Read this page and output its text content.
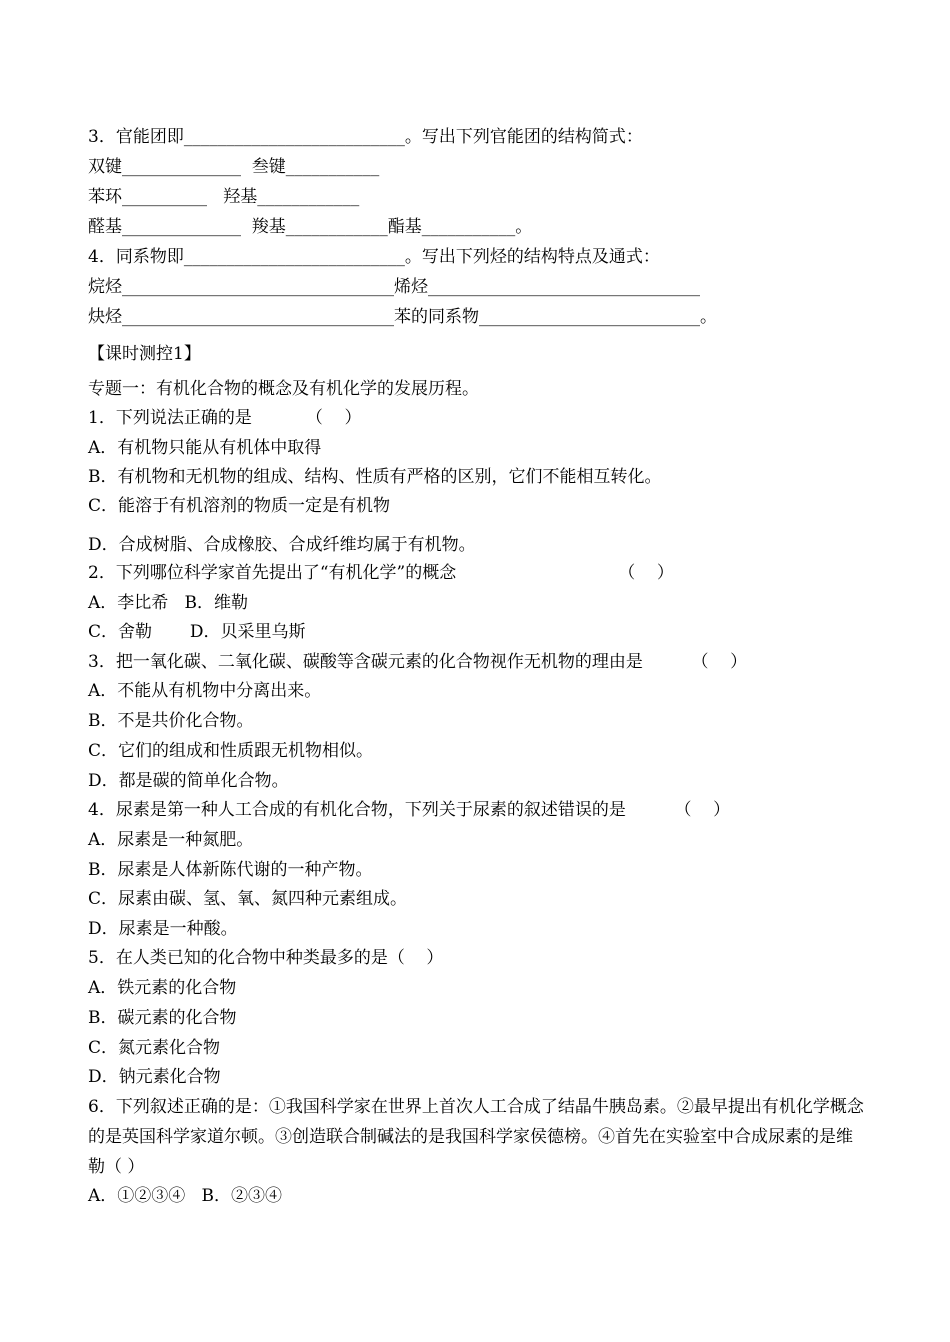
3．官能团即__________________________。写出下列官能团的结构简式：
双键______________  叁键___________
苯环__________   羟基____________
醛基______________  羧基____________酯基___________。
4．同系物即__________________________。写出下列烃的结构特点及通式：
烷烃________________________________烯烃________________________________
炔烃________________________________苯的同系物__________________________。
【课时测控1】
专题一：有机化合物的概念及有机化学的发展历程。
1．下列说法正确的是          （    ）
A．有机物只能从有机体中取得
B．有机物和无机物的组成、结构、性质有严格的区别，它们不能相互转化。
C．能溶于有机溶剂的物质一定是有机物
D．合成树脂、合成橡胶、合成纤维均属于有机物。
2．下列哪位科学家首先提出了“有机化学”的概念                              （    ）
A．李比希   B．维勒
C．舍勒       D．贝采里乌斯
3．把一氧化碳、二氧化碳、碳酸等含碳元素的化合物视作无机物的理由是         （    ）
A．不能从有机物中分离出来。
B．不是共价化合物。
C．它们的组成和性质跟无机物相似。
D．都是碳的简单化合物。
4．尿素是第一种人工合成的有机化合物，下列关于尿素的叙述错误的是         （    ）
A．尿素是一种氮肥。
B．尿素是人体新陈代谢的一种产物。
C．尿素由碳、氢、氧、氮四种元素组成。
D．尿素是一种酸。
5．在人类已知的化合物中种类最多的是（    ）
A．铁元素的化合物
B．碳元素的化合物
C．氮元素化合物
D．钠元素化合物
6．下列叙述正确的是：①我国科学家在世界上首次人工合成了结晶牛胰岛素。②最早提出有机化学概念的是英国科学家道尔顿。③创造联合制碱法的是我国科学家侯德榜。④首先在实验室中合成尿素的是维勒（ ）
A．①②③④   B．②③④
